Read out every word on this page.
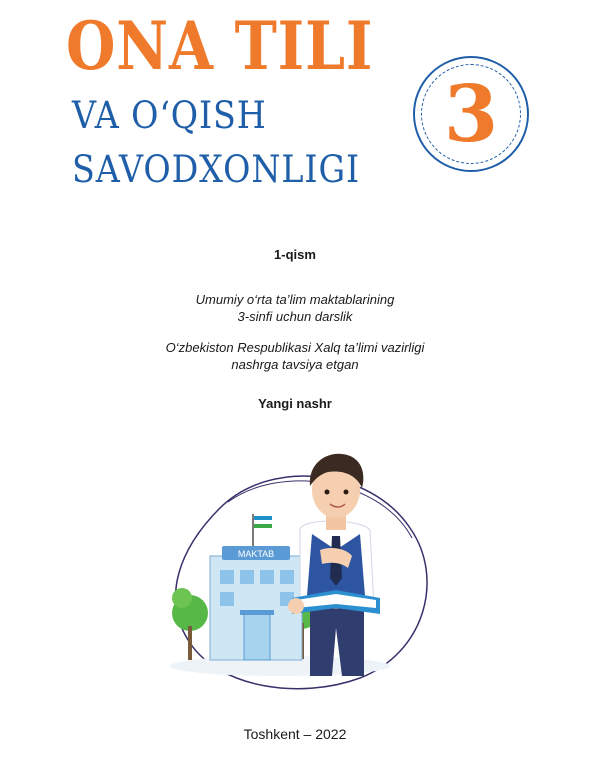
ONA TILI
VA O‘QISH
SAVODXONLIGI
3
1-qism
Umumiy o‘rta ta’lim maktablarining
3-sinfi uchun darslik
O‘zbekiston Respublikasi Xalq ta’limi vazirligi
nashrga tavsiya etgan
Yangi nashr
MAKTAB
Toshkent – 2022
